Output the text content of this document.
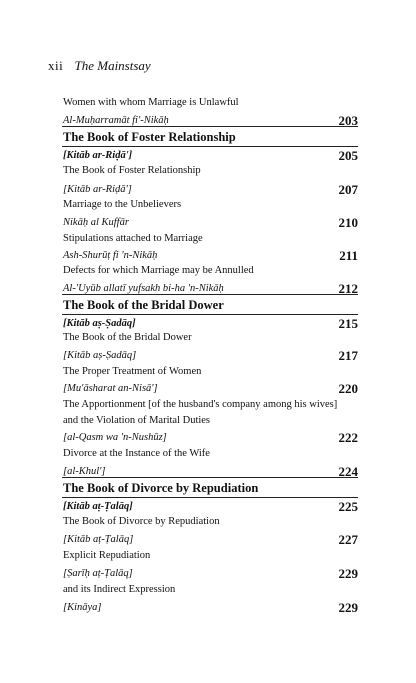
xii The Mainstsay
Women with whom Marriage is Unlawful
Al-Muḥarramāt fi'-Nikāḥ	203
The Book of Foster Relationship
[Kitāb ar-Riḍā']	205
The Book of Foster Relationship
[Kitāb ar-Riḍā']	207
Marriage to the Unbelievers
Nikāḥ al Kuffār	210
Stipulations attached to Marriage
Ash-Shurūṭ fi 'n-Nikāḥ	211
Defects for which Marriage may be Annulled
Al-'Uyūb allatī yufsakh bi-ha 'n-Nikāḥ	212
The Book of the Bridal Dower
[Kitāb aṣ-Ṣadāq]	215
The Book of the Bridal Dower
[Kitāb aṣ-Ṣadāq]	217
The Proper Treatment of Women
[Mu'āsharat an-Nisā']	220
The Apportionment [of the husband's company among his wives]
and the Violation of Marital Duties
[al-Qasm wa 'n-Nushūz]	222
Divorce at the Instance of the Wife
[al-Khul']	224
The Book of Divorce by Repudiation
[Kitāb aṭ-Ṭalāq]	225
The Book of Divorce by Repudiation
[Kitāb aṭ-Ṭalāq]	227
Explicit Repudiation
[Ṣarīḥ aṭ-Ṭalāq]	229
and its Indirect Expression
[Kināya]	229
